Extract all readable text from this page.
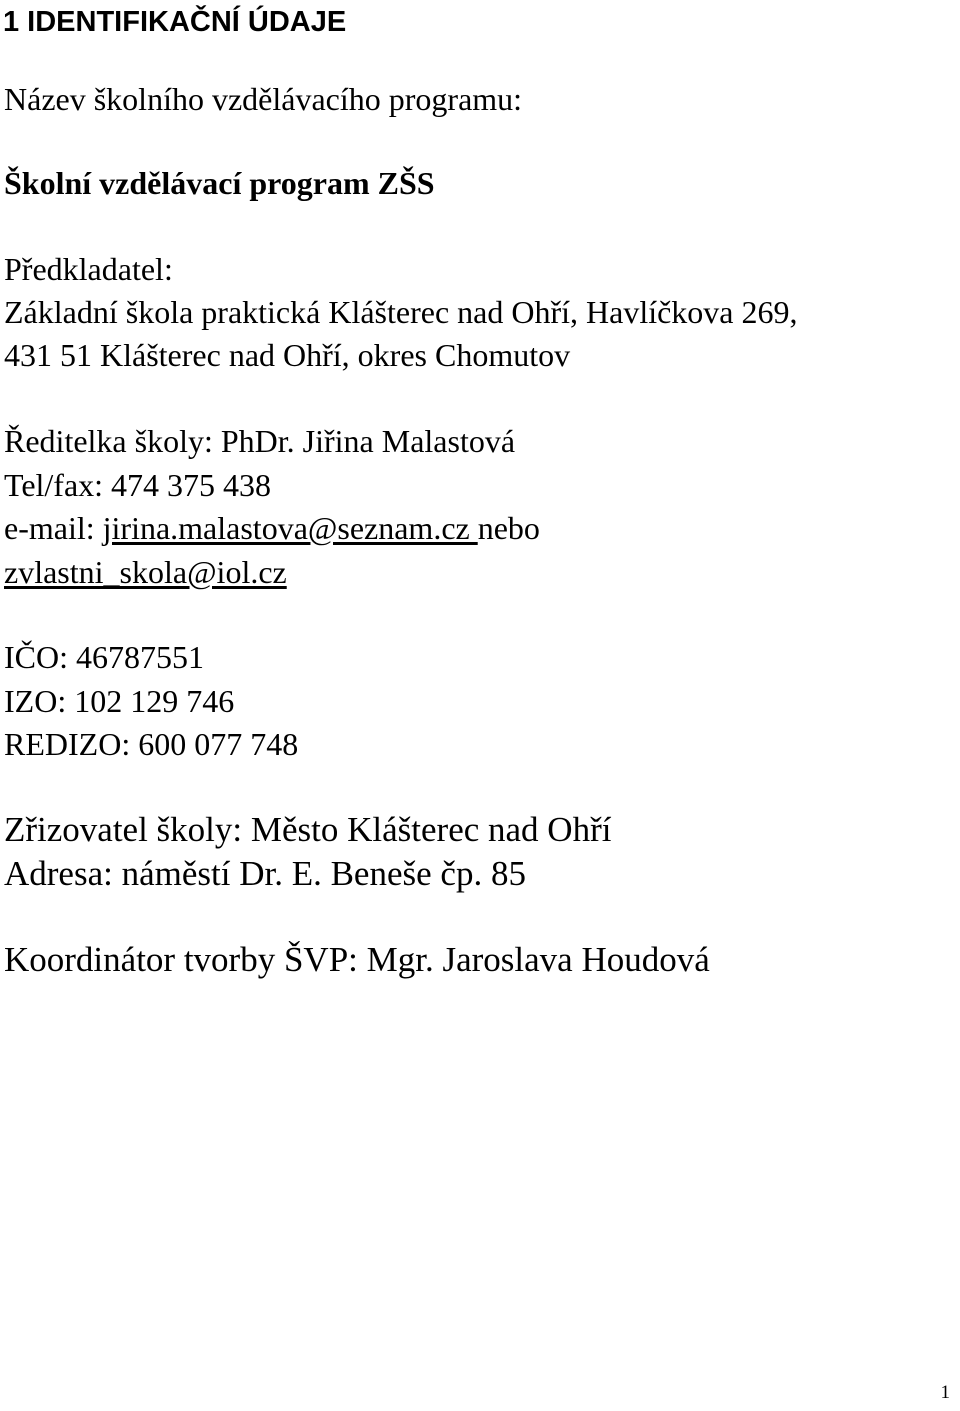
1 IDENTIFIKAČNÍ ÚDAJE
Název školního vzdělávacího programu:
Školní vzdělávací program ZŠS
Předkladatel:
Základní škola praktická Klášterec nad Ohří, Havlíčkova 269,
431 51 Klášterec nad Ohří, okres Chomutov
Ředitelka školy: PhDr. Jiřina Malastová
Tel/fax: 474 375 438
e-mail: jirina.malastova@seznam.cz nebo
zvlastni_skola@iol.cz
IČO: 46787551
IZO: 102 129 746
REDIZO: 600 077 748
Zřizovatel školy: Město Klášterec nad Ohří
Adresa: náměstí Dr. E. Beneše čp. 85
Koordinátor tvorby ŠVP: Mgr. Jaroslava Houdová
1
